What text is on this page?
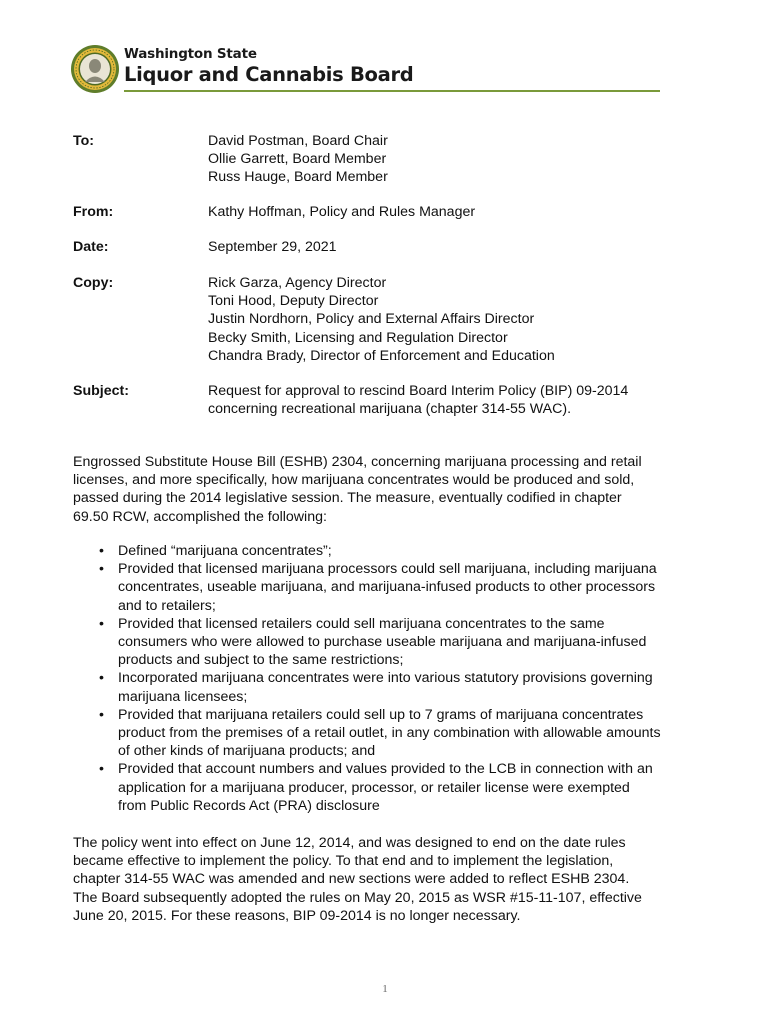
Washington State
Liquor and Cannabis Board
To:	David Postman, Board Chair
Ollie Garrett, Board Member
Russ Hauge, Board Member
From:	Kathy Hoffman, Policy and Rules Manager
Date:	September 29, 2021
Copy:	Rick Garza, Agency Director
Toni Hood, Deputy Director
Justin Nordhorn, Policy and External Affairs Director
Becky Smith, Licensing and Regulation Director
Chandra Brady, Director of Enforcement and Education
Subject:	Request for approval to rescind Board Interim Policy (BIP) 09-2014
concerning recreational marijuana (chapter 314-55 WAC).

Engrossed Substitute House Bill (ESHB) 2304, concerning marijuana processing and retail
licenses, and more specifically, how marijuana concentrates would be produced and sold,
passed during the 2014 legislative session. The measure, eventually codified in chapter
69.50 RCW, accomplished the following:

• Defined “marijuana concentrates”;
• Provided that licensed marijuana processors could sell marijuana, including marijuana
concentrates, useable marijuana, and marijuana-infused products to other processors
and to retailers;
• Provided that licensed retailers could sell marijuana concentrates to the same
consumers who were allowed to purchase useable marijuana and marijuana-infused
products and subject to the same restrictions;
• Incorporated marijuana concentrates were into various statutory provisions governing
marijuana licensees;
• Provided that marijuana retailers could sell up to 7 grams of marijuana concentrates
product from the premises of a retail outlet, in any combination with allowable amounts
of other kinds of marijuana products; and
• Provided that account numbers and values provided to the LCB in connection with an
application for a marijuana producer, processor, or retailer license were exempted
from Public Records Act (PRA) disclosure

The policy went into effect on June 12, 2014, and was designed to end on the date rules
became effective to implement the policy. To that end and to implement the legislation,
chapter 314-55 WAC was amended and new sections were added to reflect ESHB 2304.
The Board subsequently adopted the rules on May 20, 2015 as WSR #15-11-107, effective
June 20, 2015. For these reasons, BIP 09-2014 is no longer necessary.

1
